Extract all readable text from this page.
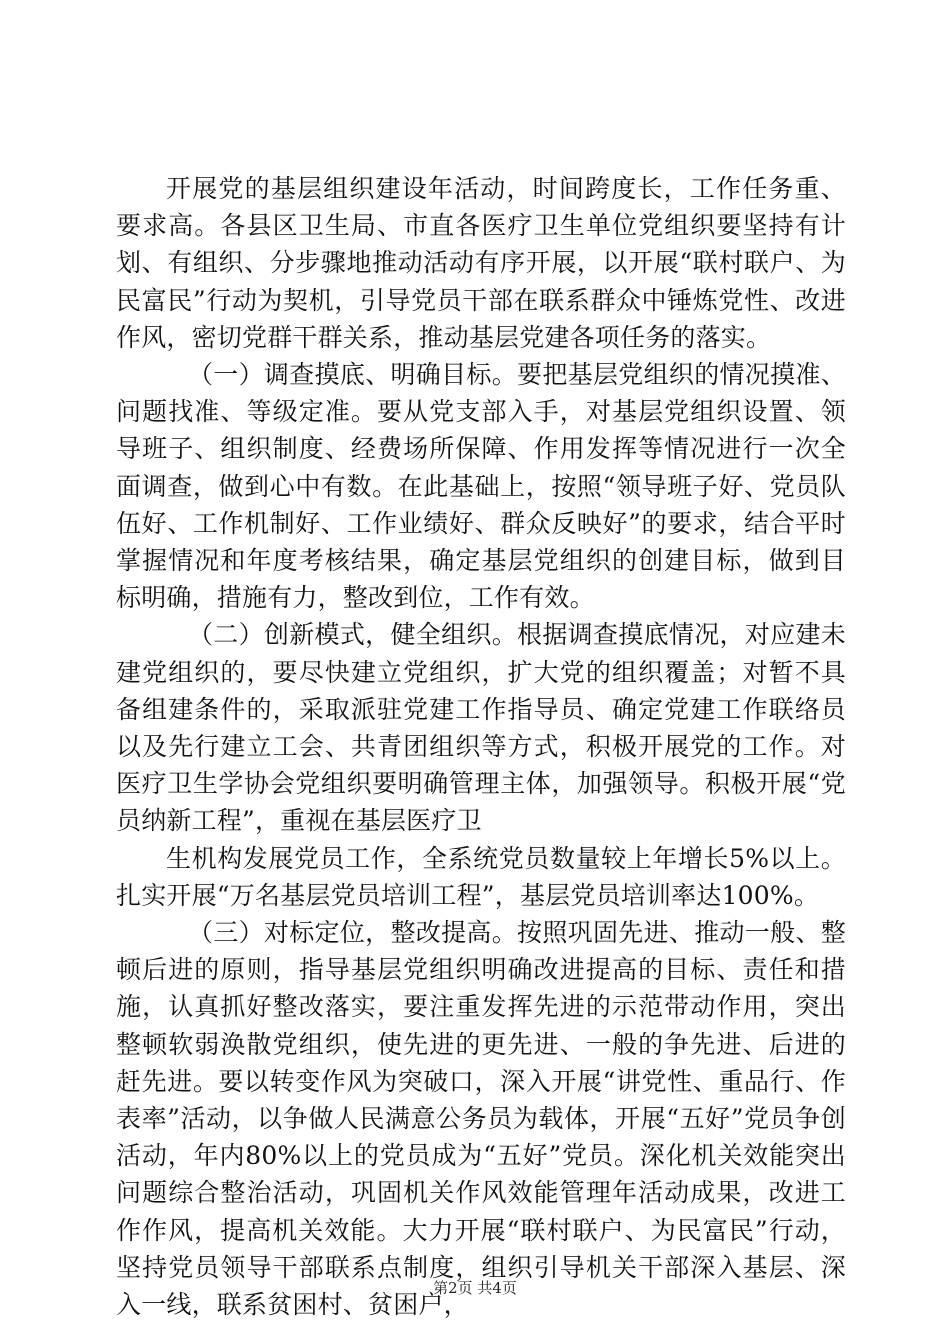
开展党的基层组织建设年活动，时间跨度长，工作任务重、要求高。各县区卫生局、市直各医疗卫生单位党组织要坚持有计划、有组织、分步骤地推动活动有序开展，以开展“联村联户、为民富民”行动为契机，引导党员干部在联系群众中锤炼党性、改进作风，密切党群干群关系，推动基层党建各项任务的落实。

（一）调查摸底、明确目标。要把基层党组织的情况摸准、问题找准、等级定准。要从党支部入手，对基层党组织设置、领导班子、组织制度、经费场所保障、作用发挥等情况进行一次全面调查，做到心中有数。在此基础上，按照“领导班子好、党员队伍好、工作机制好、工作业绩好、群众反映好”的要求，结合平时掌握情况和年度考核结果，确定基层党组织的创建目标，做到目标明确，措施有力，整改到位，工作有效。

（二）创新模式，健全组织。根据调查摸底情况，对应建未建党组织的，要尽快建立党组织，扩大党的组织覆盖；对暂不具备组建条件的，采取派驻党建工作指导员、确定党建工作联络员以及先行建立工会、共青团组织等方式，积极开展党的工作。对医疗卫生学协会党组织要明确管理主体，加强领导。积极开展“党员纳新工程”，重视在基层医疗卫

生机构发展党员工作，全系统党员数量较上年增长5%以上。扎实开展“万名基层党员培训工程”，基层党员培训率达100%。

（三）对标定位，整改提高。按照巩固先进、推动一般、整顿后进的原则，指导基层党组织明确改进提高的目标、责任和措施，认真抓好整改落实，要注重发挥先进的示范带动作用，突出整顿软弱涣散党组织，使先进的更先进、一般的争先进、后进的赶先进。要以转变作风为突破口，深入开展“讲党性、重品行、作表率”活动，以争做人民满意公务员为载体，开展“五好”党员争创活动，年内80%以上的党员成为“五好”党员。深化机关效能突出问题综合整治活动，巩固机关作风效能管理年活动成果，改进工作作风，提高机关效能。大力开展“联村联户、为民富民”行动，坚持党员领导干部联系点制度，组织引导机关干部深入基层、深入一线，联系贫困村、贫困户，

第2页 共4页
